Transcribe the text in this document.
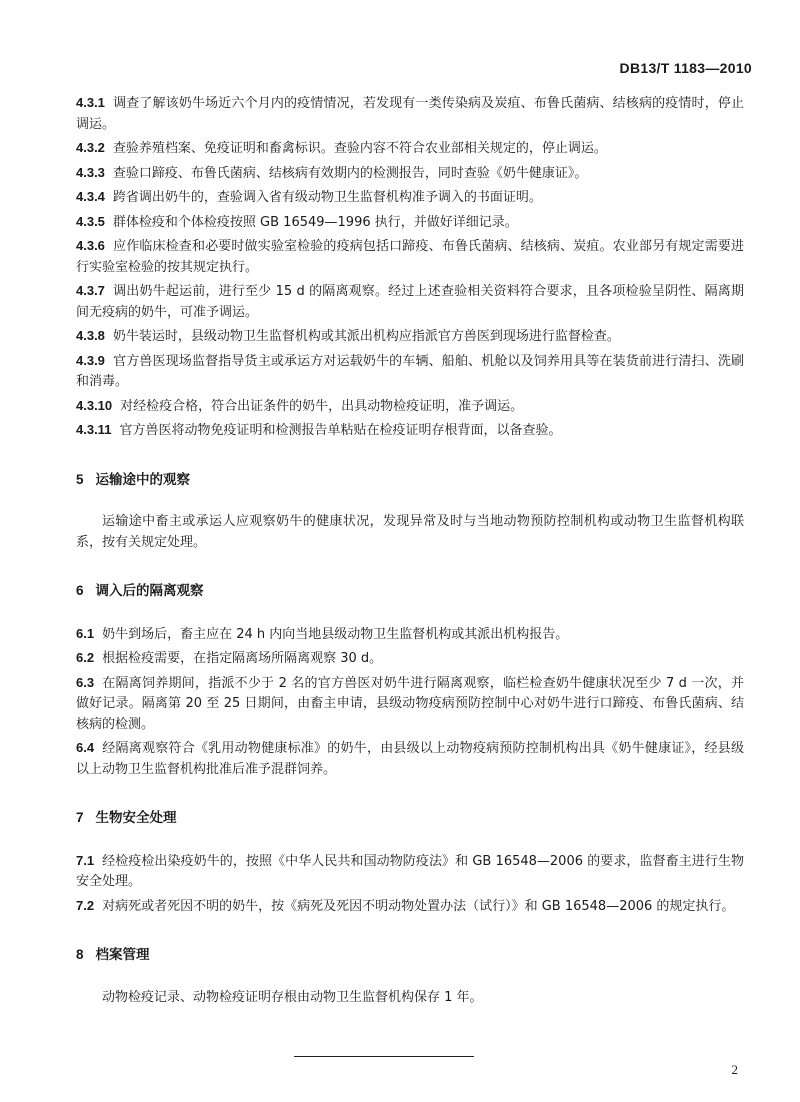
DB13/T 1183—2010

4.3.1 调查了解该奶牛场近六个月内的疫情情况，若发现有一类传染病及炭疽、布鲁氏菌病、结核病的疫情时，停止调运。

4.3.2 查验养殖档案、免疫证明和畜禽标识。查验内容不符合农业部相关规定的，停止调运。

4.3.3 查验口蹄疫、布鲁氏菌病、结核病有效期内的检测报告，同时查验《奶牛健康证》。

4.3.4 跨省调出奶牛的，查验调入省有级动物卫生监督机构准予调入的书面证明。

4.3.5 群体检疫和个体检疫按照 GB 16549—1996 执行，并做好详细记录。

4.3.6 应作临床检查和必要时做实验室检验的疫病包括口蹄疫、布鲁氏菌病、结核病、炭疽。农业部另有规定需要进行实验室检验的按其规定执行。

4.3.7 调出奶牛起运前，进行至少 15 d 的隔离观察。经过上述查验相关资料符合要求，且各项检验呈阴性、隔离期间无疫病的奶牛，可准予调运。

4.3.8 奶牛装运时，县级动物卫生监督机构或其派出机构应指派官方兽医到现场进行监督检查。

4.3.9 官方兽医现场监督指导货主或承运方对运载奶牛的车辆、船舶、机舱以及饲养用具等在装货前进行清扫、洗刷和消毒。

4.3.10 对经检疫合格，符合出证条件的奶牛，出具动物检疫证明，准予调运。

4.3.11 官方兽医将动物免疫证明和检测报告单粘贴在检疫证明存根背面，以备查验。

5 运输途中的观察

运输途中畜主或承运人应观察奶牛的健康状况，发现异常及时与当地动物预防控制机构或动物卫生监督机构联系，按有关规定处理。

6 调入后的隔离观察

6.1 奶牛到场后，畜主应在 24 h 内向当地县级动物卫生监督机构或其派出机构报告。

6.2 根据检疫需要，在指定隔离场所隔离观察 30 d。

6.3 在隔离饲养期间，指派不少于 2 名的官方兽医对奶牛进行隔离观察，临栏检查奶牛健康状况至少 7 d 一次，并做好记录。隔离第 20 至 25 日期间，由畜主申请，县级动物疫病预防控制中心对奶牛进行口蹄疫、布鲁氏菌病、结核病的检测。

6.4 经隔离观察符合《乳用动物健康标准》的奶牛，由县级以上动物疫病预防控制机构出具《奶牛健康证》，经县级以上动物卫生监督机构批准后准予混群饲养。

7 生物安全处理

7.1 经检疫检出染疫奶牛的，按照《中华人民共和国动物防疫法》和 GB 16548—2006 的要求，监督畜主进行生物安全处理。

7.2 对病死或者死因不明的奶牛，按《病死及死因不明动物处置办法（试行）》和 GB 16548—2006 的规定执行。

8 档案管理

动物检疫记录、动物检疫证明存根由动物卫生监督机构保存 1 年。

2
